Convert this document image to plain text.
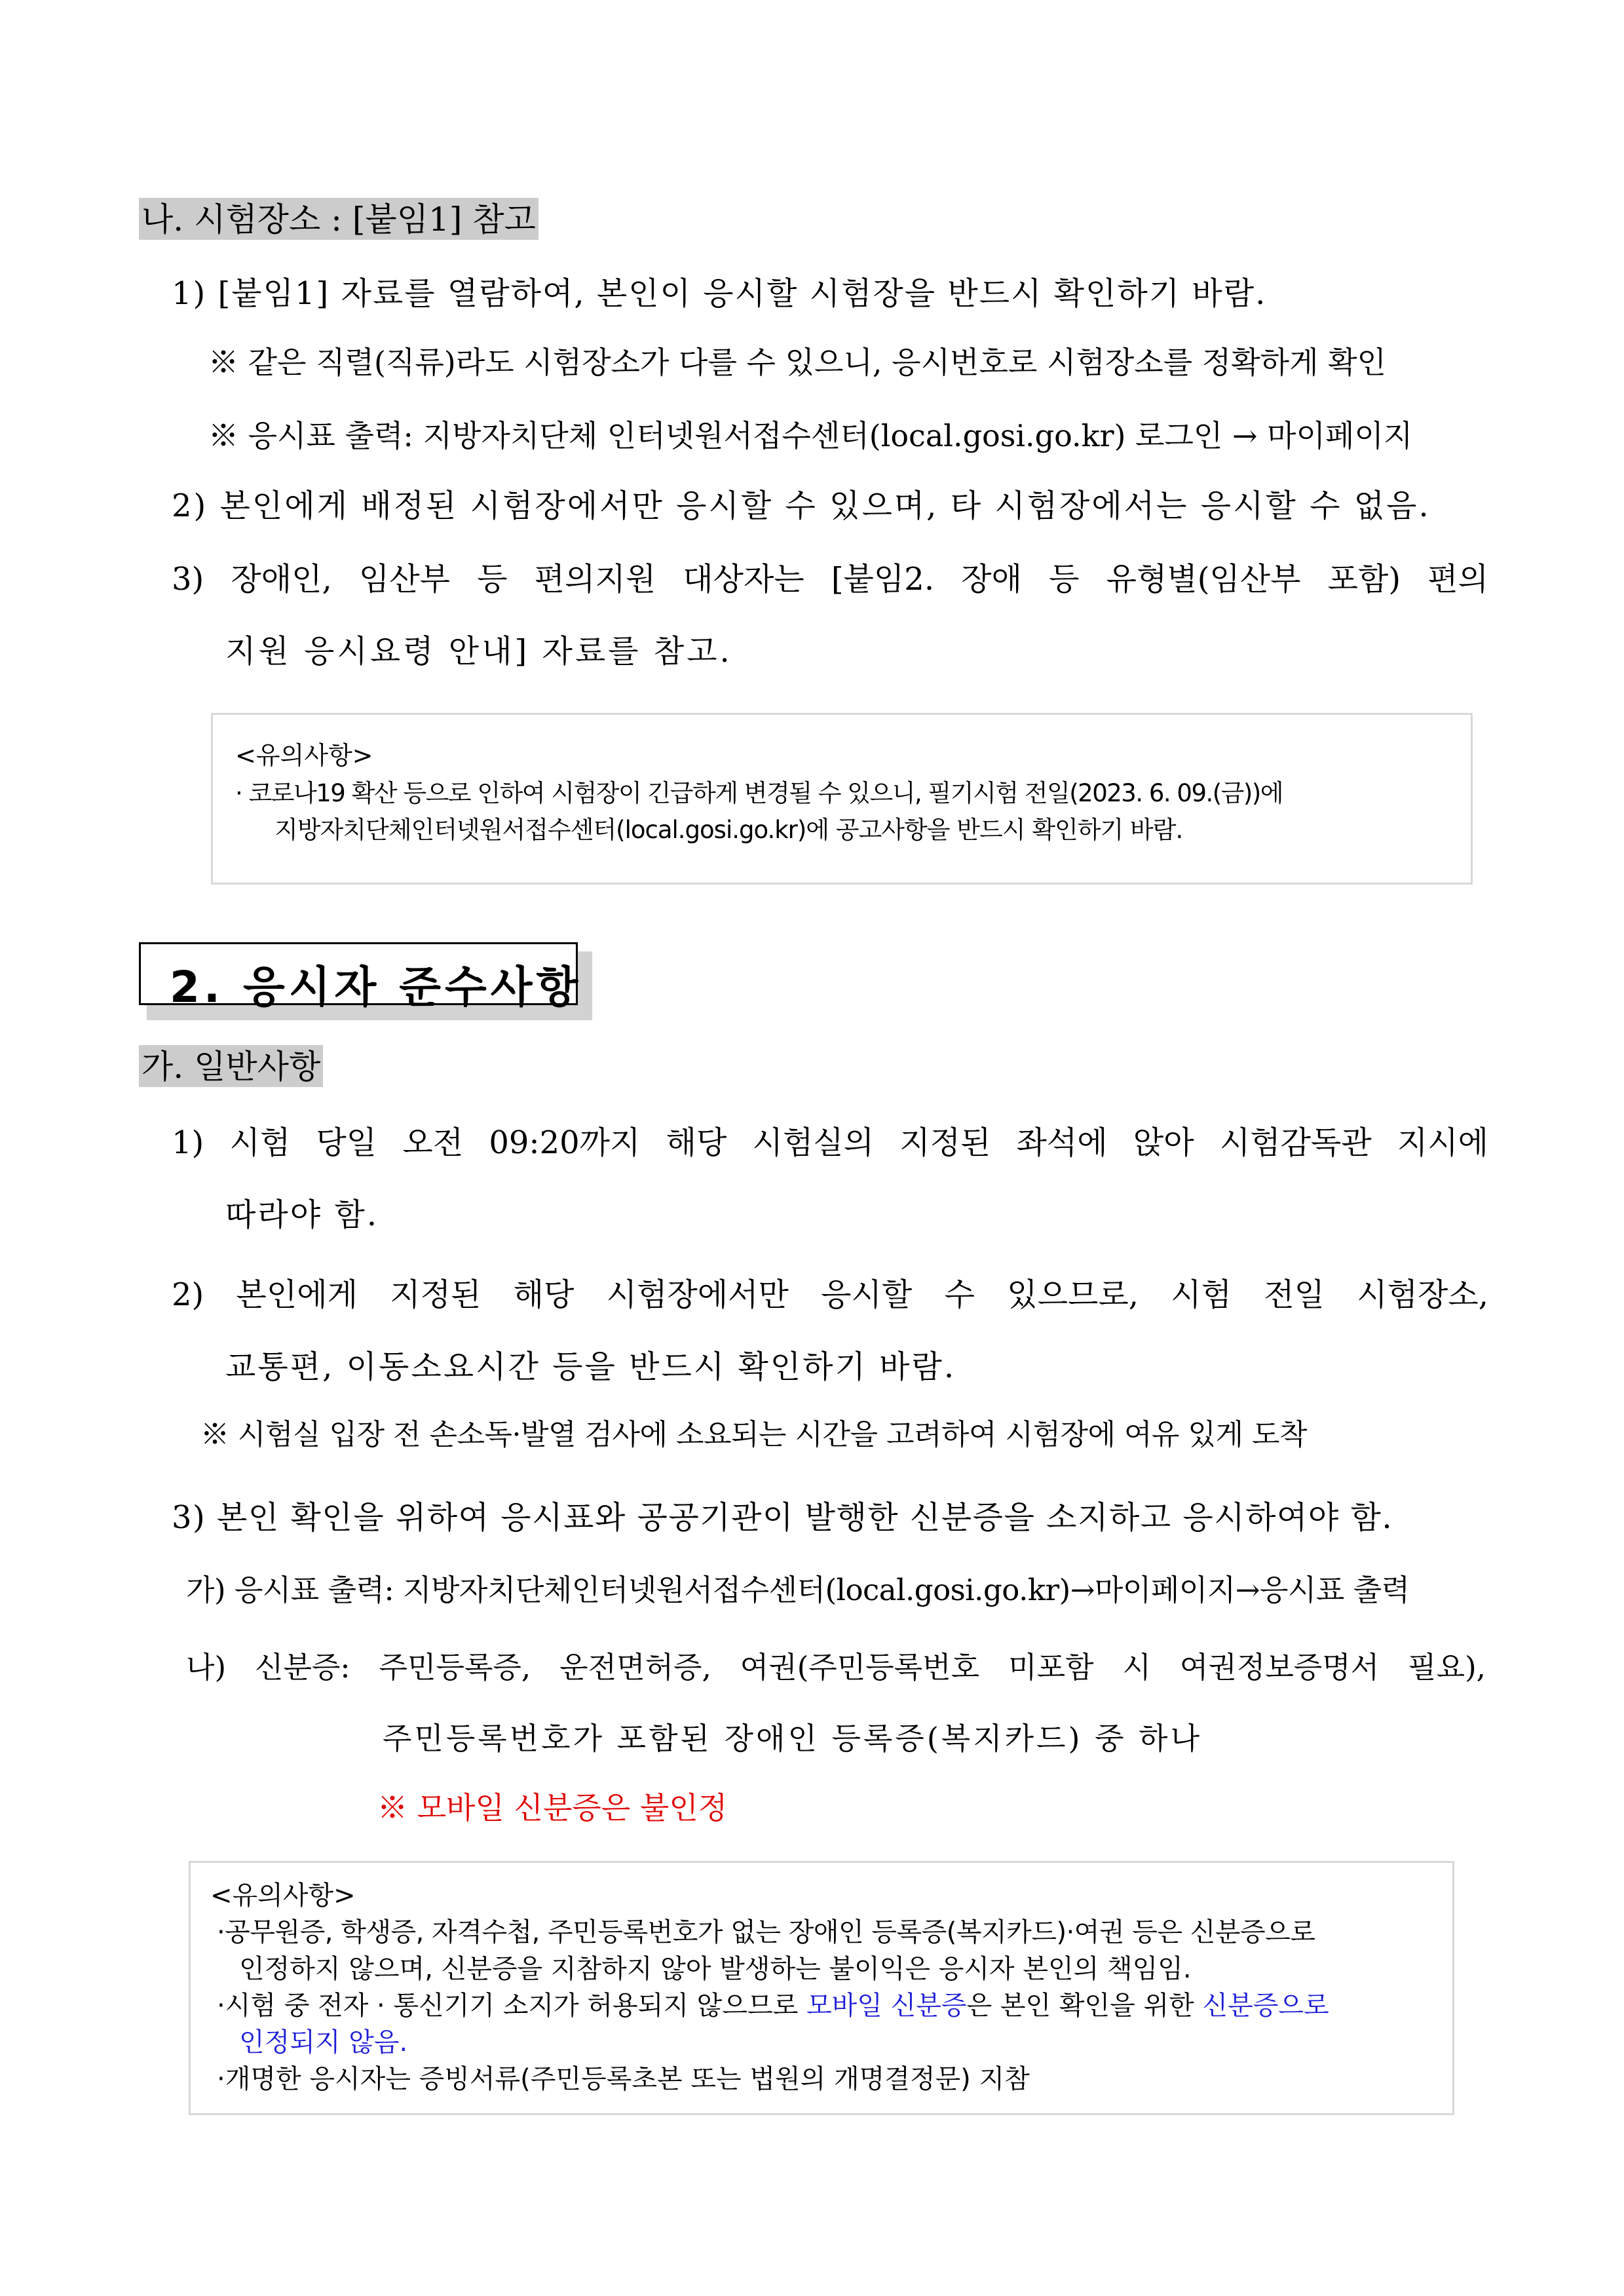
나. 시험장소 : [붙임1] 참고
1) [붙임1] 자료를 열람하여, 본인이 응시할 시험장을 반드시 확인하기 바람.
※ 같은 직렬(직류)라도 시험장소가 다를 수 있으니, 응시번호로 시험장소를 정확하게 확인
※ 응시표 출력: 지방자치단체 인터넷원서접수센터(local.gosi.go.kr) 로그인 → 마이페이지
2) 본인에게 배정된 시험장에서만 응시할 수 있으며, 타 시험장에서는 응시할 수 없음.
3) 장애인, 임산부 등 편의지원 대상자는 [붙임2. 장애 등 유형별(임산부 포함) 편의
지원 응시요령 안내] 자료를 참고.
<유의사항>
· 코로나19 확산 등으로 인하여 시험장이 긴급하게 변경될 수 있으니, 필기시험 전일(2023. 6. 09.(금))에
지방자치단체인터넷원서접수센터(local.gosi.go.kr)에 공고사항을 반드시 확인하기 바람.
2. 응시자 준수사항
가. 일반사항
1) 시험 당일 오전 09:20까지 해당 시험실의 지정된 좌석에 앉아 시험감독관 지시에
따라야 함.
2) 본인에게 지정된 해당 시험장에서만 응시할 수 있으므로, 시험 전일 시험장소,
교통편, 이동소요시간 등을 반드시 확인하기 바람.
※ 시험실 입장 전 손소독·발열 검사에 소요되는 시간을 고려하여 시험장에 여유 있게 도착
3) 본인 확인을 위하여 응시표와 공공기관이 발행한 신분증을 소지하고 응시하여야 함.
가) 응시표 출력: 지방자치단체인터넷원서접수센터(local.gosi.go.kr)→마이페이지→응시표 출력
나) 신분증: 주민등록증, 운전면허증, 여권(주민등록번호 미포함 시 여권정보증명서 필요),
주민등록번호가 포함된 장애인 등록증(복지카드) 중 하나
※ 모바일 신분증은 불인정
<유의사항>
·공무원증, 학생증, 자격수첩, 주민등록번호가 없는 장애인 등록증(복지카드)·여권 등은 신분증으로
인정하지 않으며, 신분증을 지참하지 않아 발생하는 불이익은 응시자 본인의 책임임.
·시험 중 전자 · 통신기기 소지가 허용되지 않으므로 모바일 신분증은 본인 확인을 위한 신분증으로
인정되지 않음.
·개명한 응시자는 증빙서류(주민등록초본 또는 법원의 개명결정문) 지참
